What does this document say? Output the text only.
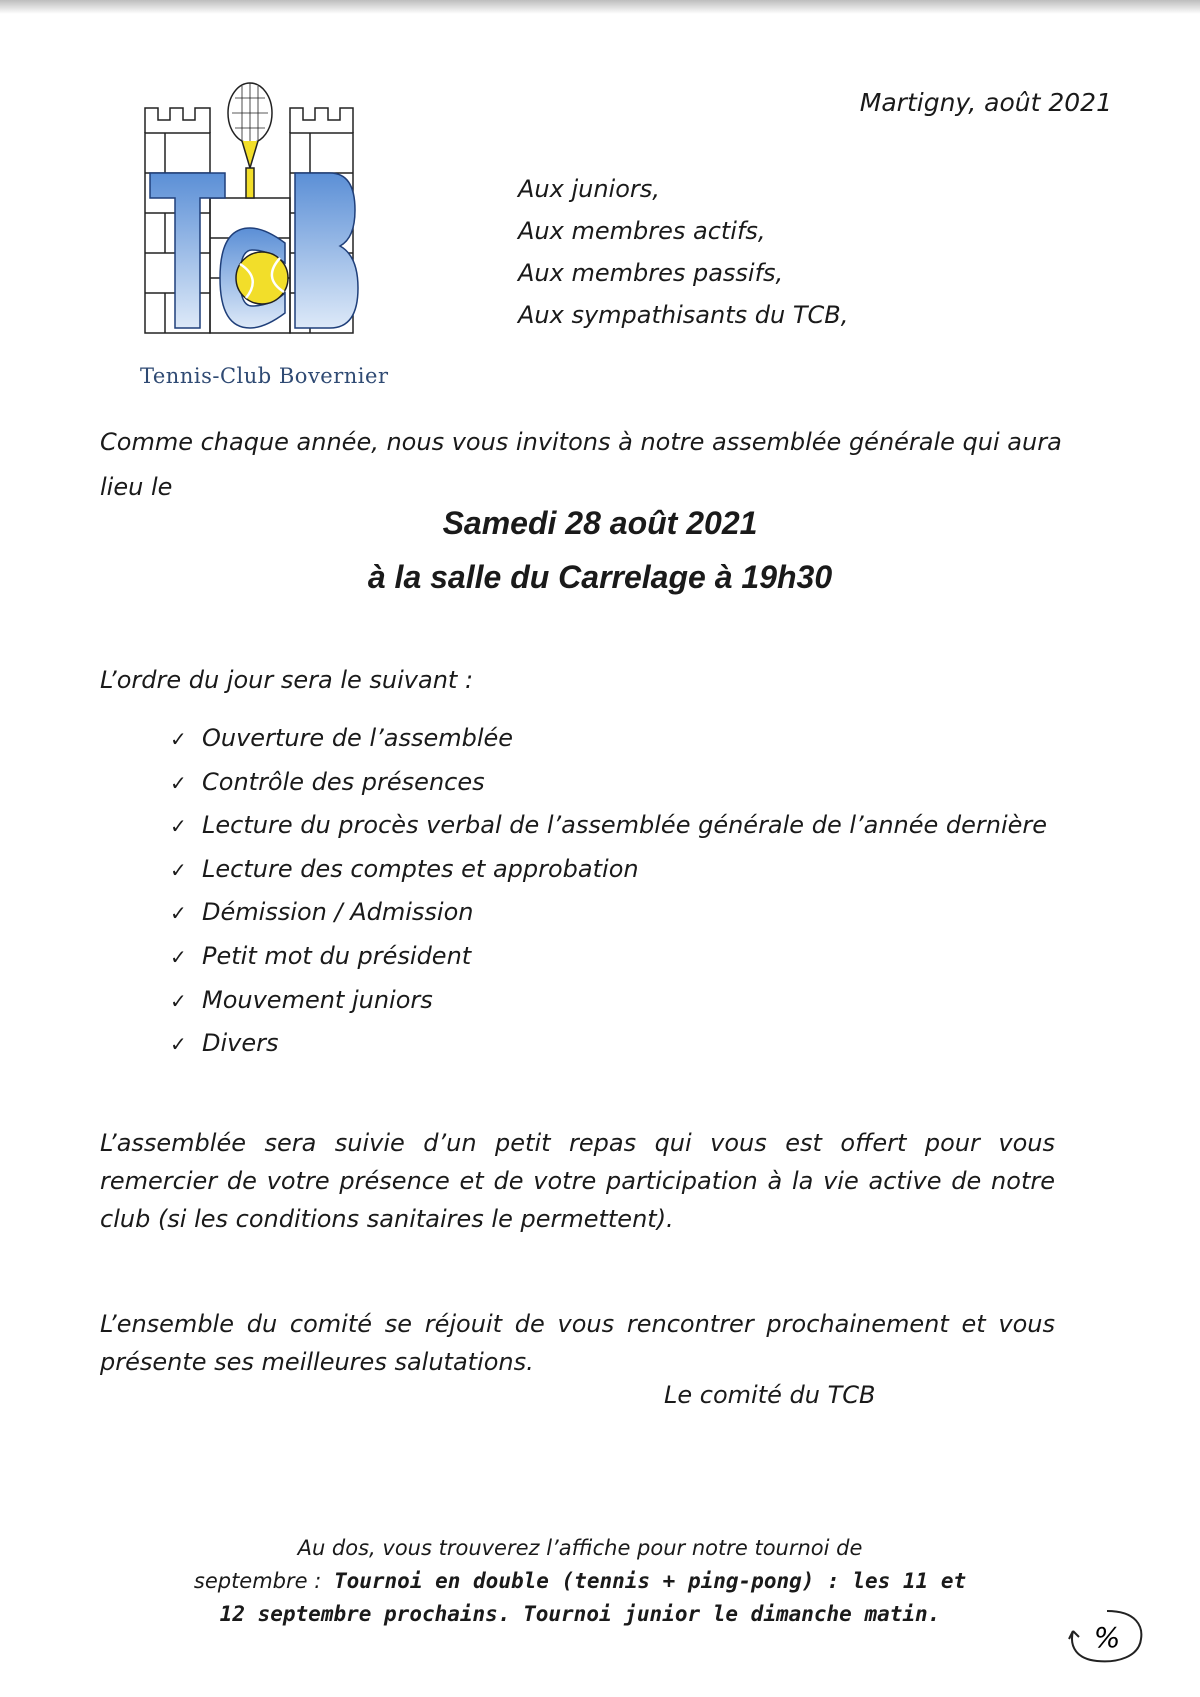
Tennis-Club Bovernier
Martigny, août 2021
Aux juniors,
Aux membres actifs,
Aux membres passifs,
Aux sympathisants du TCB,
Comme chaque année, nous vous invitons à notre assemblée générale qui aura lieu le
Samedi 28 août 2021
à la salle du Carrelage à 19h30
L’ordre du jour sera le suivant :
✓ Ouverture de l’assemblée
✓ Contrôle des présences
✓ Lecture du procès verbal de l’assemblée générale de l’année dernière
✓ Lecture des comptes et approbation
✓ Démission / Admission
✓ Petit mot du président
✓ Mouvement juniors
✓ Divers
L’assemblée sera suivie d’un petit repas qui vous est offert pour vous remercier de votre présence et de votre participation à la vie active de notre club (si les conditions sanitaires le permettent).
L’ensemble du comité se réjouit de vous rencontrer prochainement et vous présente ses meilleures salutations.
Le comité du TCB
Au dos, vous trouverez l’affiche pour notre tournoi de
septembre : Tournoi en double (tennis + ping-pong) : les 11 et
12 septembre prochains. Tournoi junior le dimanche matin.
%
